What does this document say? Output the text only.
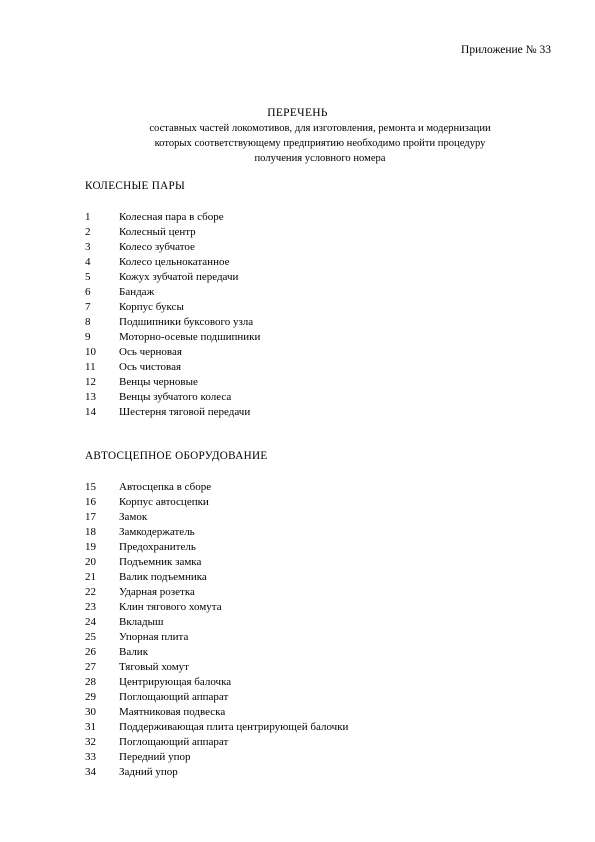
Приложение № 33
ПЕРЕЧЕНЬ
составных частей локомотивов, для изготовления, ремонта и модернизации
которых соответствующему предприятию необходимо пройти процедуру
получения условного номера
КОЛЕСНЫЕ ПАРЫ
1	Колесная пара в сборе
2	Колесный центр
3	Колесо зубчатое
4	Колесо цельнокатанное
5	Кожух зубчатой передачи
6	Бандаж
7	Корпус буксы
8	Подшипники буксового узла
9	Моторно-осевые подшипники
10	Ось черновая
11	Ось чистовая
12	Венцы черновые
13	Венцы зубчатого колеса
14	Шестерня тяговой передачи
АВТОСЦЕПНОЕ ОБОРУДОВАНИЕ
15	Автосцепка в сборе
16	Корпус автосцепки
17	Замок
18	Замкодержатель
19	Предохранитель
20	Подъемник замка
21	Валик подъемника
22	Ударная розетка
23	Клин тягового хомута
24	Вкладыш
25	Упорная плита
26	Валик
27	Тяговый хомут
28	Центрирующая балочка
29	Поглощающий аппарат
30	Маятниковая подвеска
31	Поддерживающая плита центрирующей балочки
32	Поглощающий аппарат
33	Передний упор
34	Задний упор
